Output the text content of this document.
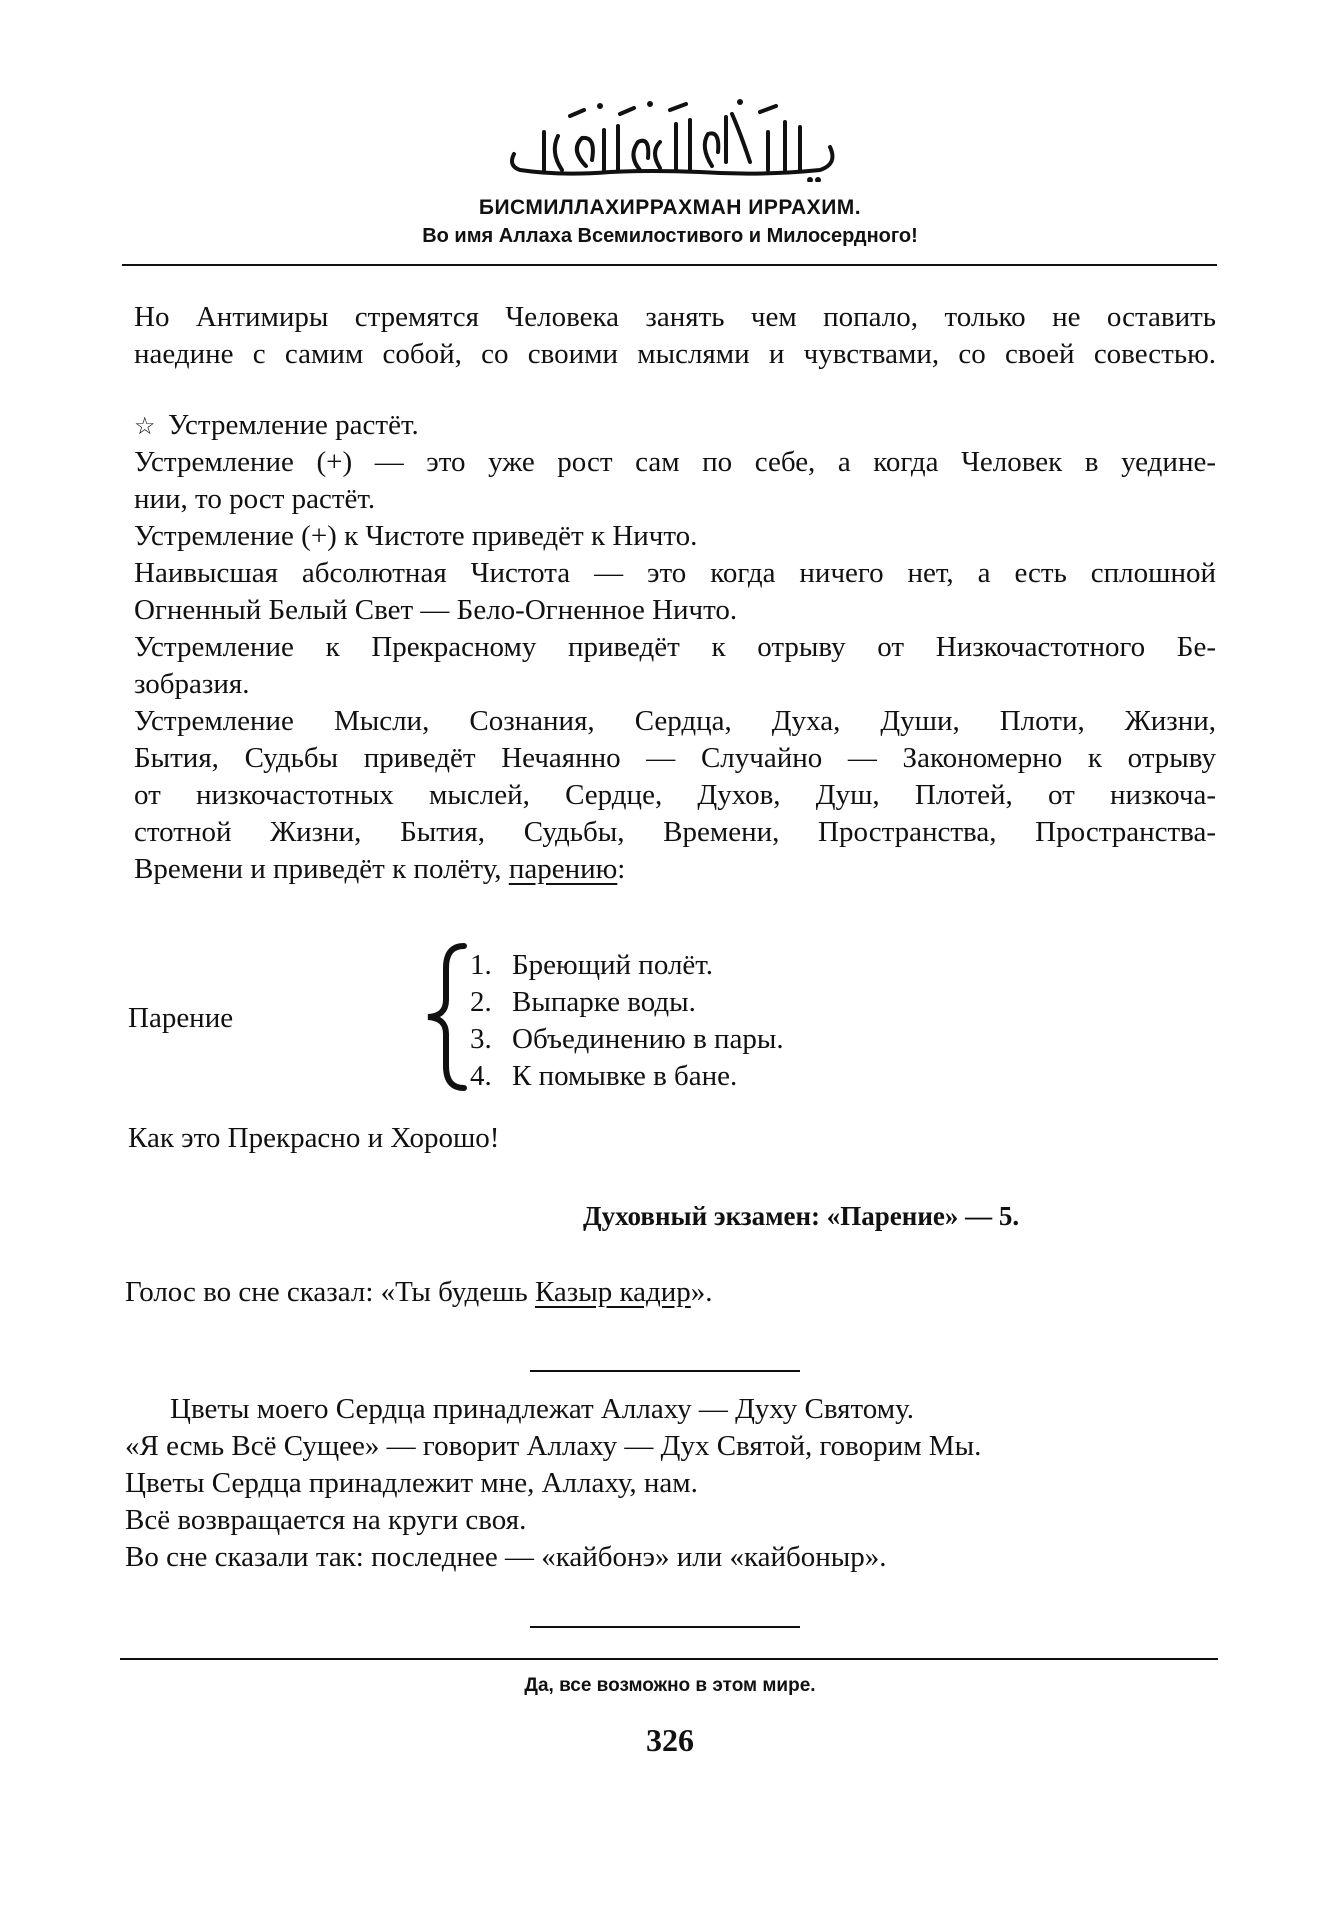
БИСМИЛЛАХИРРАХМАН ИРРАХИМ.
Во имя Аллаха Всемилостивого и Милосердного!
Но Антимиры стремятся Человека занять чем попало, только не оставить
наедине с самим собой, со своими мыслями и чувствами, со своей совестью.
☆ Устремление растёт.
Устремление (+) — это уже рост сам по себе, а когда Человек в уедине-
нии, то рост растёт.
Устремление (+) к Чистоте приведёт к Ничто.
Наивысшая абсолютная Чистота — это когда ничего нет, а есть сплошной
Огненный Белый Свет — Бело-Огненное Ничто.
Устремление к Прекрасному приведёт к отрыву от Низкочастотного Бе-
зобразия.
Устремление Мысли, Сознания, Сердца, Духа, Души, Плоти, Жизни,
Бытия, Судьбы приведёт Нечаянно — Случайно — Закономерно к отрыву
от низкочастотных мыслей, Сердце, Духов, Душ, Плотей, от низкоча-
стотной Жизни, Бытия, Судьбы, Времени, Пространства, Пространства-
Времени и приведёт к полёту, парению:
Парение
1. Бреющий полёт.
2. Выпарке воды.
3. Объединению в пары.
4. К помывке в бане.
Как это Прекрасно и Хорошо!
Духовный экзамен: «Парение» — 5.
Голос во сне сказал: «Ты будешь Казыр кадир».
Цветы моего Сердца принадлежат Аллаху — Духу Святому.
«Я есмь Всё Сущее» — говорит Аллаху — Дух Святой, говорим Мы.
Цветы Сердца принадлежит мне, Аллаху, нам.
Всё возвращается на круги своя.
Во сне сказали так: последнее — «кайбонэ» или «кайбоныр».
Да, все возможно в этом мире.
326
